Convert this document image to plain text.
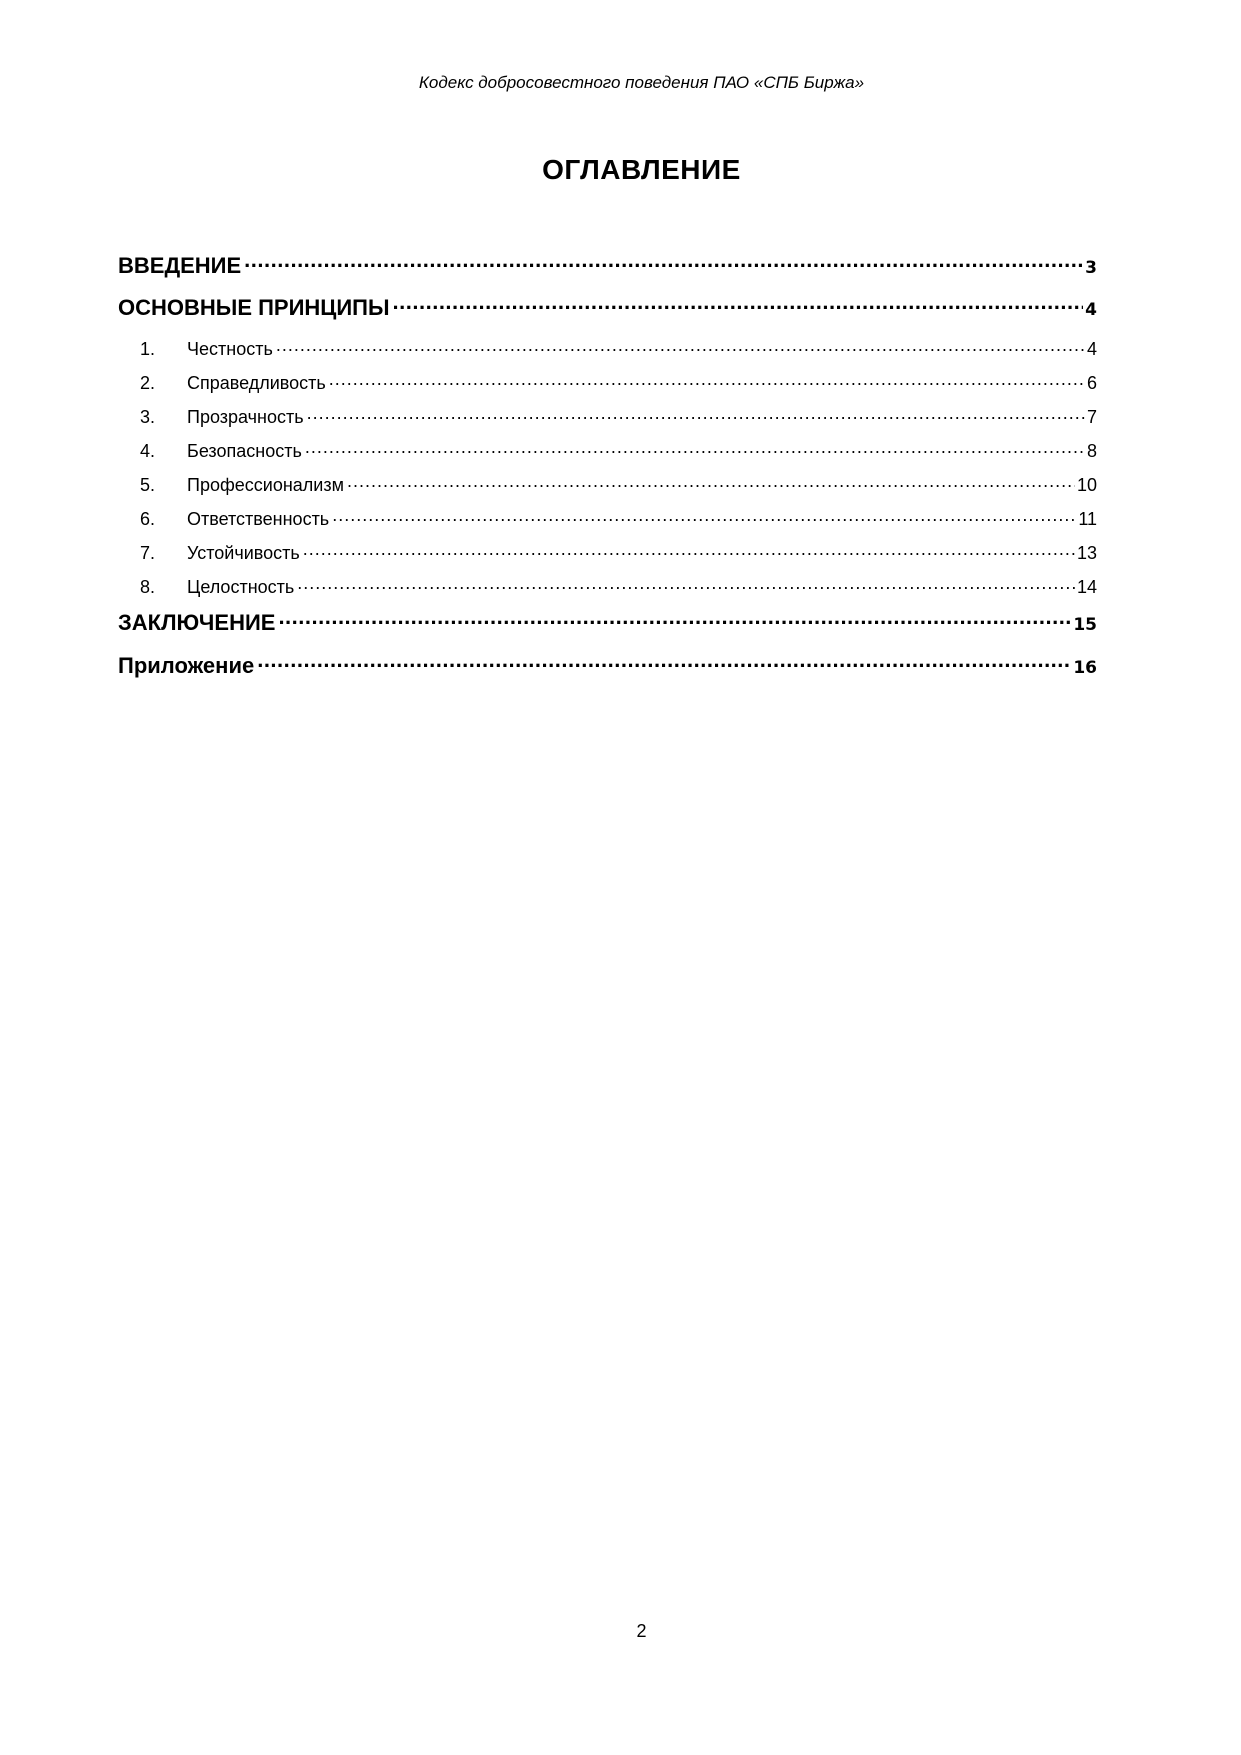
Кодекс добросовестного поведения ПАО «СПБ Биржа»
ОГЛАВЛЕНИЕ
ВВЕДЕНИЕ .....	3
ОСНОВНЫЕ ПРИНЦИПЫ .....	4
1.	Честность .....	4
2.	Справедливость .....	6
3.	Прозрачность .....	7
4.	Безопасность .....	8
5.	Профессионализм .....	10
6.	Ответственность .....	11
7.	Устойчивость .....	13
8.	Целостность .....	14
ЗАКЛЮЧЕНИЕ .....	15
Приложение .....	16
2
